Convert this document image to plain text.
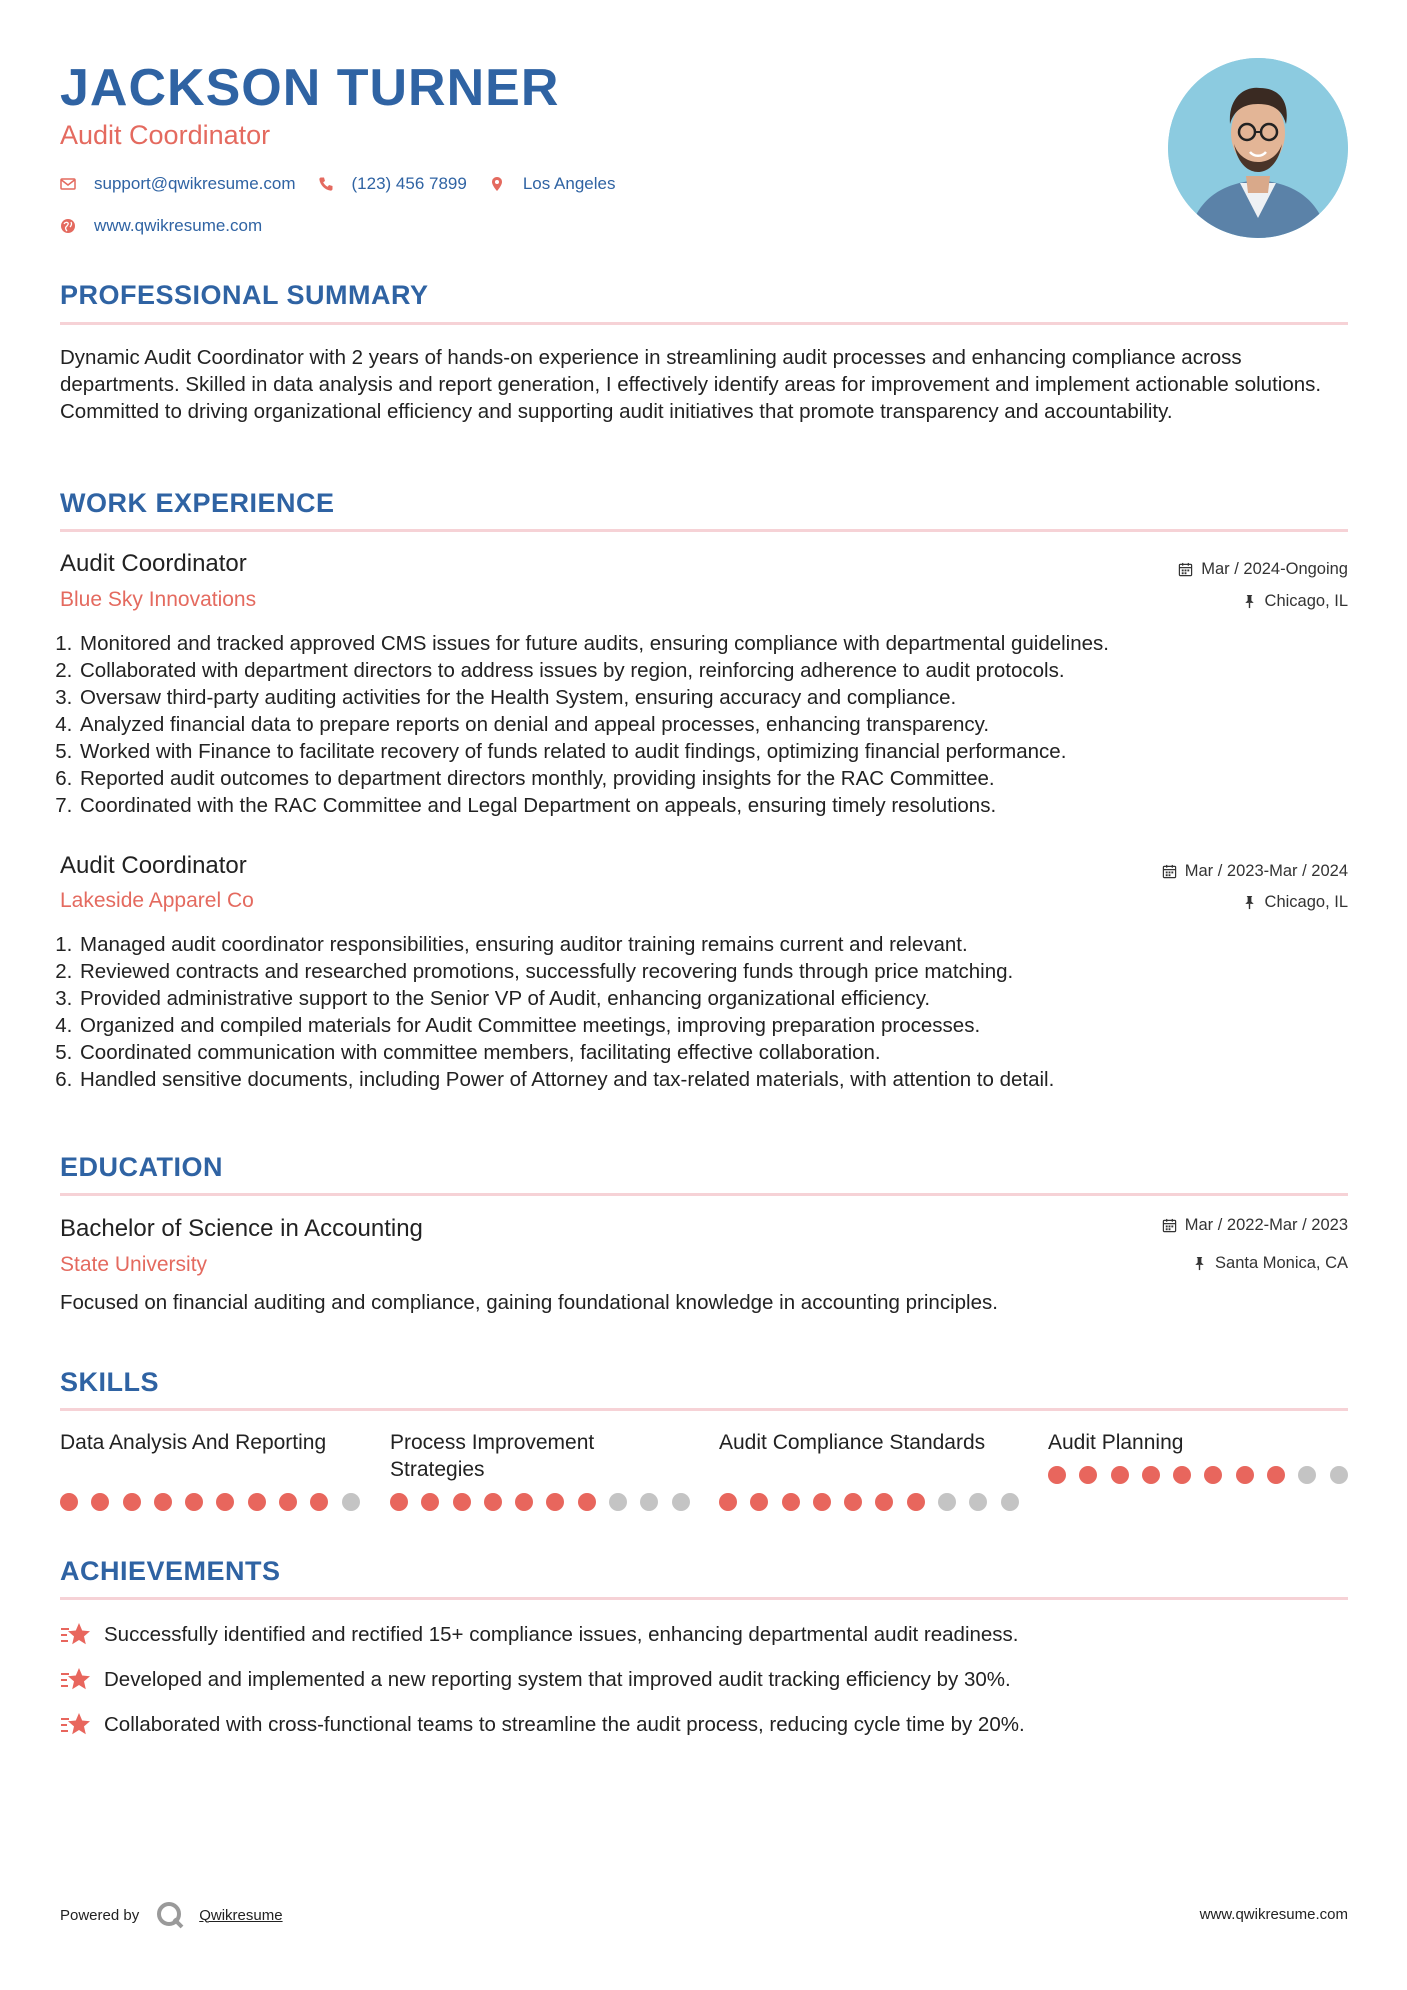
JACKSON TURNER
Audit Coordinator
support@qwikresume.com	(123) 456 7899	Los Angeles
www.qwikresume.com
PROFESSIONAL SUMMARY

Dynamic Audit Coordinator with 2 years of hands-on experience in streamlining audit processes and enhancing compliance across departments. Skilled in data analysis and report generation, I effectively identify areas for improvement and implement actionable solutions. Committed to driving organizational efficiency and supporting audit initiatives that promote transparency and accountability.

WORK EXPERIENCE
Audit Coordinator
Blue Sky Innovations
Mar / 2024-Ongoing
Chicago, IL
1. Monitored and tracked approved CMS issues for future audits, ensuring compliance with departmental guidelines.
2. Collaborated with department directors to address issues by region, reinforcing adherence to audit protocols.
3. Oversaw third-party auditing activities for the Health System, ensuring accuracy and compliance.
4. Analyzed financial data to prepare reports on denial and appeal processes, enhancing transparency.
5. Worked with Finance to facilitate recovery of funds related to audit findings, optimizing financial performance.
6. Reported audit outcomes to department directors monthly, providing insights for the RAC Committee.
7. Coordinated with the RAC Committee and Legal Department on appeals, ensuring timely resolutions.
Audit Coordinator
Lakeside Apparel Co
Mar / 2023-Mar / 2024
Chicago, IL
1. Managed audit coordinator responsibilities, ensuring auditor training remains current and relevant.
2. Reviewed contracts and researched promotions, successfully recovering funds through price matching.
3. Provided administrative support to the Senior VP of Audit, enhancing organizational efficiency.
4. Organized and compiled materials for Audit Committee meetings, improving preparation processes.
5. Coordinated communication with committee members, facilitating effective collaboration.
6. Handled sensitive documents, including Power of Attorney and tax-related materials, with attention to detail.
EDUCATION
Bachelor of Science in Accounting
State University
Mar / 2022-Mar / 2023
Santa Monica, CA

Focused on financial auditing and compliance, gaining foundational knowledge in accounting principles.

SKILLS
Data Analysis And Reporting	Process Improvement Strategies
Audit Compliance Standards	Audit Planning
ACHIEVEMENTS
Successfully identified and rectified 15+ compliance issues, enhancing departmental audit readiness.
Developed and implemented a new reporting system that improved audit tracking efficiency by 30%.
Collaborated with cross-functional teams to streamline the audit process, reducing cycle time by 20%.
Powered by	Qwikresume	www.qwikresume.com
